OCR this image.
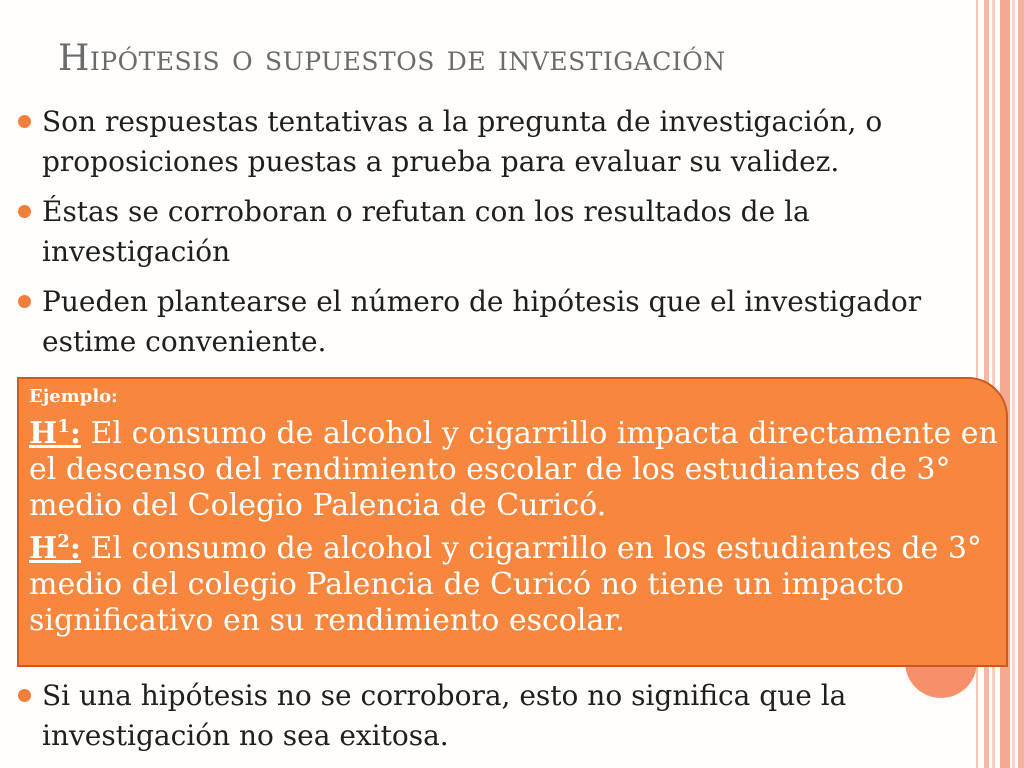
Hipótesis o supuestos de investigación
Son respuestas tentativas a la pregunta de investigación, o proposiciones puestas a prueba para evaluar su validez.
Éstas se corroboran o refutan con los resultados de la investigación
Pueden plantearse el número de hipótesis que el investigador estime conveniente.

Ejemplo:

$H^1$: El consumo de alcohol y cigarrillo impacta directamente en el descenso del rendimiento escolar de los estudiantes de 3° medio del Colegio Palencia de Curicó.

$H^2$: El consumo de alcohol y cigarrillo en los estudiantes de 3° medio del colegio Palencia de Curicó no tiene un impacto significativo en su rendimiento escolar.

Si una hipótesis no se corrobora, esto no significa que la investigación no sea exitosa.
